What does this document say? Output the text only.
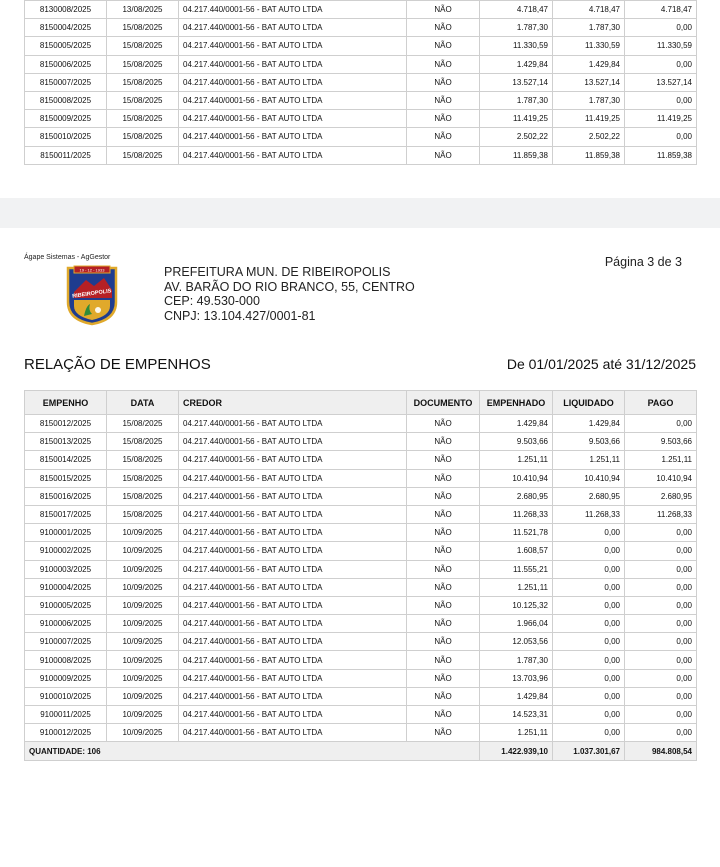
8130008/2025	13/08/2025	04.217.440/0001-56 - BAT AUTO LTDA	NÃO	4.718,47	4.718,47	4.718,47
8150004/2025	15/08/2025	04.217.440/0001-56 - BAT AUTO LTDA	NÃO	1.787,30	1.787,30	0,00
8150005/2025	15/08/2025	04.217.440/0001-56 - BAT AUTO LTDA	NÃO	11.330,59	11.330,59	11.330,59
8150006/2025	15/08/2025	04.217.440/0001-56 - BAT AUTO LTDA	NÃO	1.429,84	1.429,84	0,00
8150007/2025	15/08/2025	04.217.440/0001-56 - BAT AUTO LTDA	NÃO	13.527,14	13.527,14	13.527,14
8150008/2025	15/08/2025	04.217.440/0001-56 - BAT AUTO LTDA	NÃO	1.787,30	1.787,30	0,00
8150009/2025	15/08/2025	04.217.440/0001-56 - BAT AUTO LTDA	NÃO	11.419,25	11.419,25	11.419,25
8150010/2025	15/08/2025	04.217.440/0001-56 - BAT AUTO LTDA	NÃO	2.502,22	2.502,22	0,00
8150011/2025	15/08/2025	04.217.440/0001-56 - BAT AUTO LTDA	NÃO	11.859,38	11.859,38	11.859,38
Ágape Sistemas - AgGestor
19 - 12 - 1933
RIBEIROPOLIS
PREFEITURA MUN. DE RIBEIROPOLIS
AV. BARÃO DO RIO BRANCO, 55, CENTRO
CEP: 49.530-000
CNPJ: 13.104.427/0001-81
Página 3 de 3
RELAÇÃO DE EMPENHOS	De 01/01/2025 até 31/12/2025
EMPENHO	DATA	CREDOR	DOCUMENTO	EMPENHADO	LIQUIDADO	PAGO
8150012/2025	15/08/2025	04.217.440/0001-56 - BAT AUTO LTDA	NÃO	1.429,84	1.429,84	0,00
8150013/2025	15/08/2025	04.217.440/0001-56 - BAT AUTO LTDA	NÃO	9.503,66	9.503,66	9.503,66
8150014/2025	15/08/2025	04.217.440/0001-56 - BAT AUTO LTDA	NÃO	1.251,11	1.251,11	1.251,11
8150015/2025	15/08/2025	04.217.440/0001-56 - BAT AUTO LTDA	NÃO	10.410,94	10.410,94	10.410,94
8150016/2025	15/08/2025	04.217.440/0001-56 - BAT AUTO LTDA	NÃO	2.680,95	2.680,95	2.680,95
8150017/2025	15/08/2025	04.217.440/0001-56 - BAT AUTO LTDA	NÃO	11.268,33	11.268,33	11.268,33
9100001/2025	10/09/2025	04.217.440/0001-56 - BAT AUTO LTDA	NÃO	11.521,78	0,00	0,00
9100002/2025	10/09/2025	04.217.440/0001-56 - BAT AUTO LTDA	NÃO	1.608,57	0,00	0,00
9100003/2025	10/09/2025	04.217.440/0001-56 - BAT AUTO LTDA	NÃO	11.555,21	0,00	0,00
9100004/2025	10/09/2025	04.217.440/0001-56 - BAT AUTO LTDA	NÃO	1.251,11	0,00	0,00
9100005/2025	10/09/2025	04.217.440/0001-56 - BAT AUTO LTDA	NÃO	10.125,32	0,00	0,00
9100006/2025	10/09/2025	04.217.440/0001-56 - BAT AUTO LTDA	NÃO	1.966,04	0,00	0,00
9100007/2025	10/09/2025	04.217.440/0001-56 - BAT AUTO LTDA	NÃO	12.053,56	0,00	0,00
9100008/2025	10/09/2025	04.217.440/0001-56 - BAT AUTO LTDA	NÃO	1.787,30	0,00	0,00
9100009/2025	10/09/2025	04.217.440/0001-56 - BAT AUTO LTDA	NÃO	13.703,96	0,00	0,00
9100010/2025	10/09/2025	04.217.440/0001-56 - BAT AUTO LTDA	NÃO	1.429,84	0,00	0,00
9100011/2025	10/09/2025	04.217.440/0001-56 - BAT AUTO LTDA	NÃO	14.523,31	0,00	0,00
9100012/2025	10/09/2025	04.217.440/0001-56 - BAT AUTO LTDA	NÃO	1.251,11	0,00	0,00
QUANTIDADE: 106				1.422.939,10	1.037.301,67	984.808,54
